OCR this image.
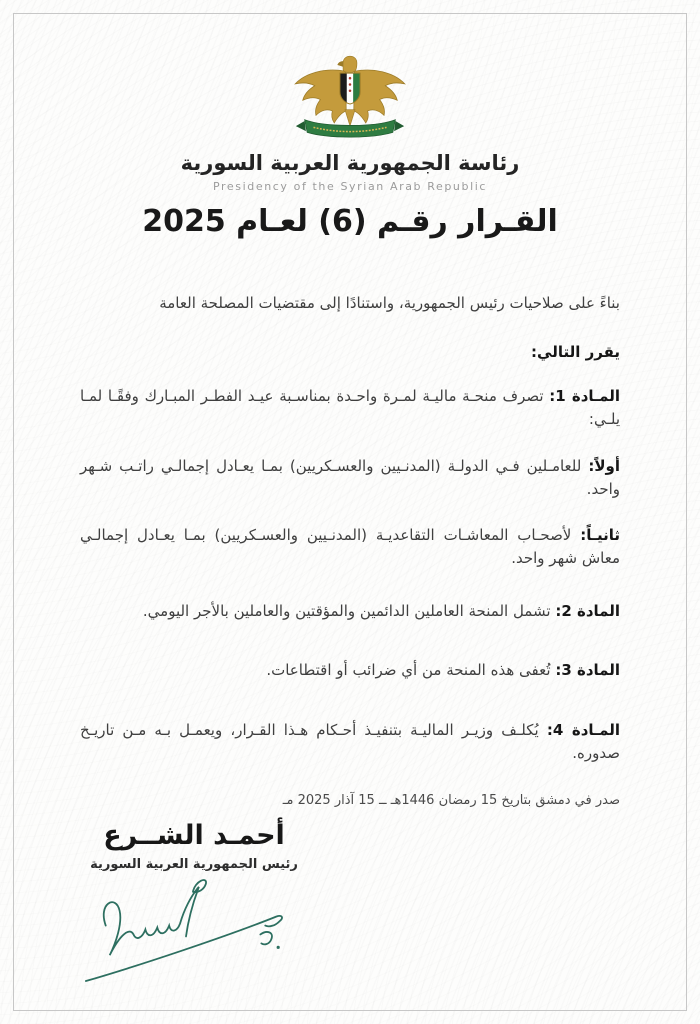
رئاسة الجمهورية العربية السورية
Presidency of the Syrian Arab Republic
القـرار رقـم (6) لعـام 2025

بناءً على صلاحيات رئيس الجمهورية، واستنادًا إلى مقتضيات المصلحة العامة

يقرر التالي:

المـادة 1: تصرف منحـة ماليـة لمـرة واحـدة بمناسـبة عيـد الفطـر المبـارك وفقًـا لمـا يلـي:

أولاً: للعامـلين فـي الدولـة (المدنـيين والعسـكريين) بمـا يعـادل إجمالـي راتـب شـهر واحد.

ثانيـاً: لأصحـاب المعاشـات التقاعديـة (المدنـيين والعسـكريين) بمـا يعـادل إجمالـي معاش شهر واحد.

المادة 2: تشمل المنحة العاملين الدائمين والمؤقتين والعاملين بالأجر اليومي.

المادة 3: تُعفى هذه المنحة من أي ضرائب أو اقتطاعات.

المـادة 4: يُكلـف وزيـر الماليـة بتنفيـذ أحـكام هـذا القـرار، ويعمـل بـه مـن تاريـخ صدوره.

صدر في دمشق بتاريخ 15 رمضان 1446هـ ــ 15 آذار 2025 مـ

أحمـد الشــرع
رئيس الجمهورية العربية السورية
